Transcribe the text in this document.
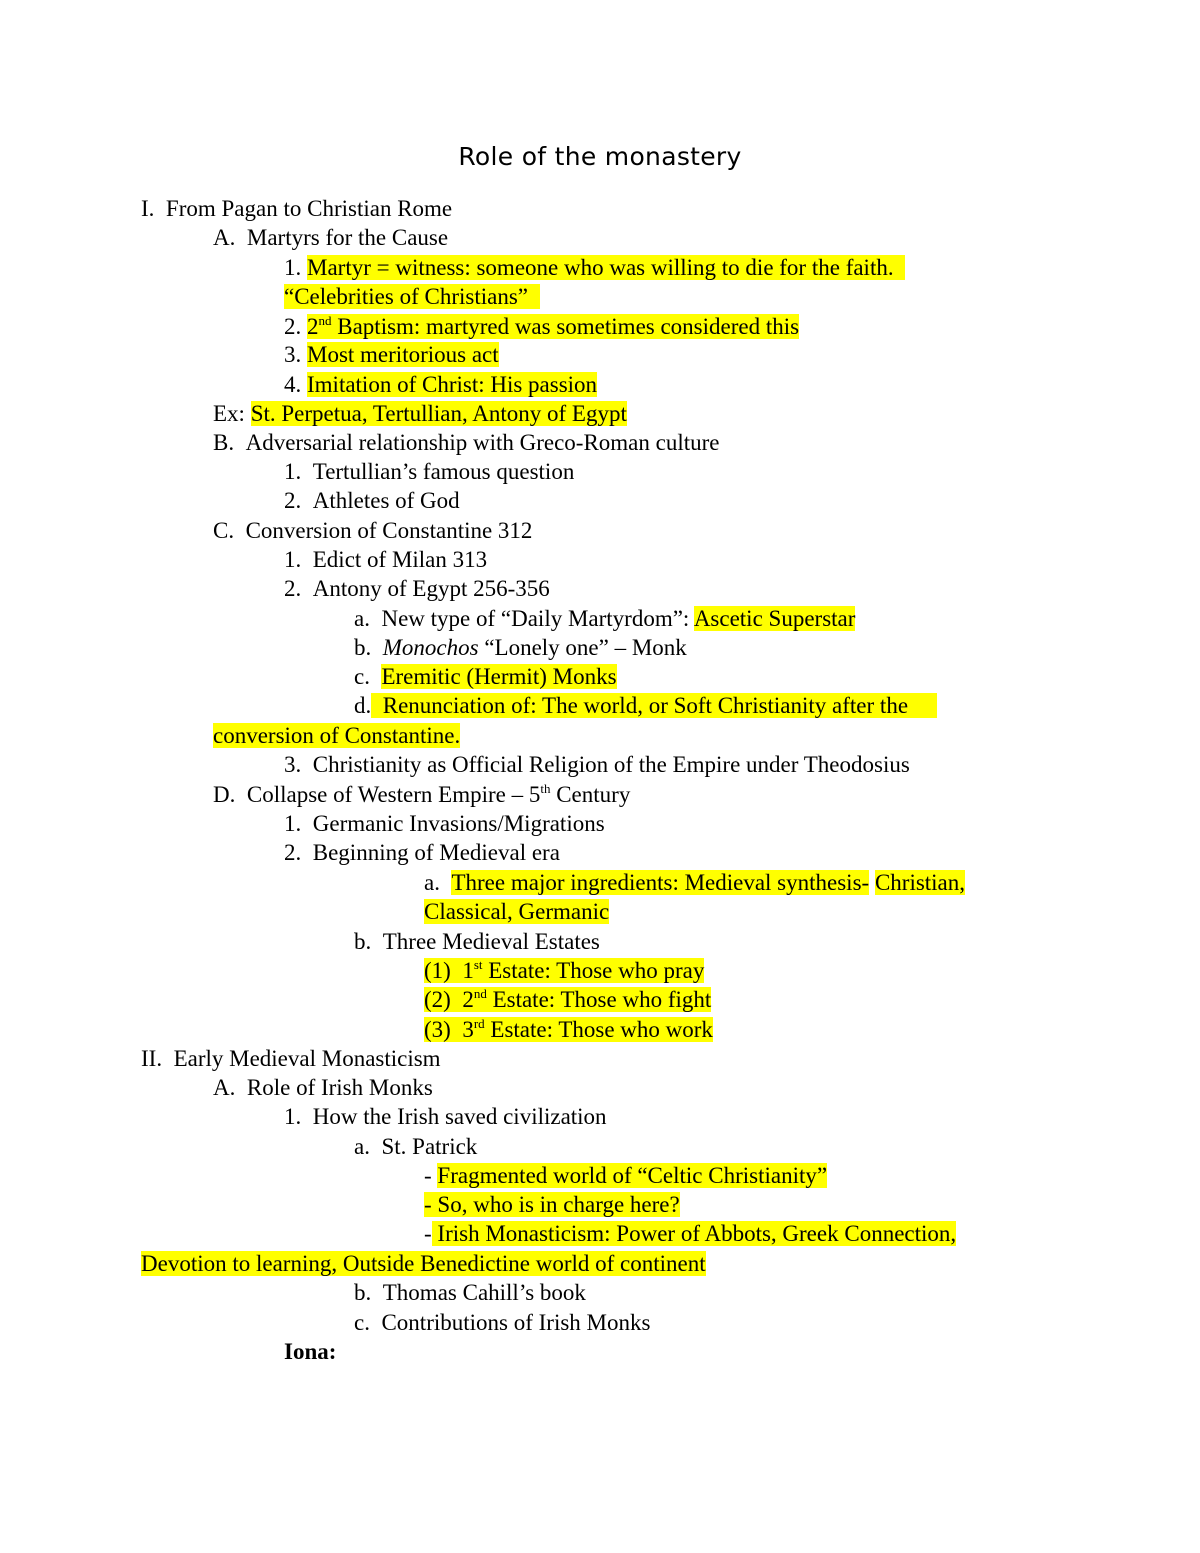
Role of the monastery
I. From Pagan to Christian Rome
A. Martyrs for the Cause
1. Martyr = witness: someone who was willing to die for the faith.
“Celebrities of Christians”
2. 2nd Baptism: martyred was sometimes considered this
3. Most meritorious act
4. Imitation of Christ: His passion
Ex: St. Perpetua, Tertullian, Antony of Egypt
B. Adversarial relationship with Greco-Roman culture
1. Tertullian’s famous question
2. Athletes of God
C. Conversion of Constantine 312
1. Edict of Milan 313
2. Antony of Egypt 256-356
a. New type of “Daily Martyrdom”: Ascetic Superstar
b. Monochos “Lonely one” – Monk
c. Eremitic (Hermit) Monks
d. Renunciation of: The world, or Soft Christianity after the
conversion of Constantine.
3. Christianity as Official Religion of the Empire under Theodosius
D. Collapse of Western Empire – 5th Century
1. Germanic Invasions/Migrations
2. Beginning of Medieval era
a. Three major ingredients: Medieval synthesis- Christian,
Classical, Germanic
b. Three Medieval Estates
(1) 1st Estate: Those who pray
(2) 2nd Estate: Those who fight
(3) 3rd Estate: Those who work
II. Early Medieval Monasticism
A. Role of Irish Monks
1. How the Irish saved civilization
a. St. Patrick
- Fragmented world of “Celtic Christianity”
- So, who is in charge here?
- Irish Monasticism: Power of Abbots, Greek Connection,
Devotion to learning, Outside Benedictine world of continent
b. Thomas Cahill’s book
c. Contributions of Irish Monks
Iona:
